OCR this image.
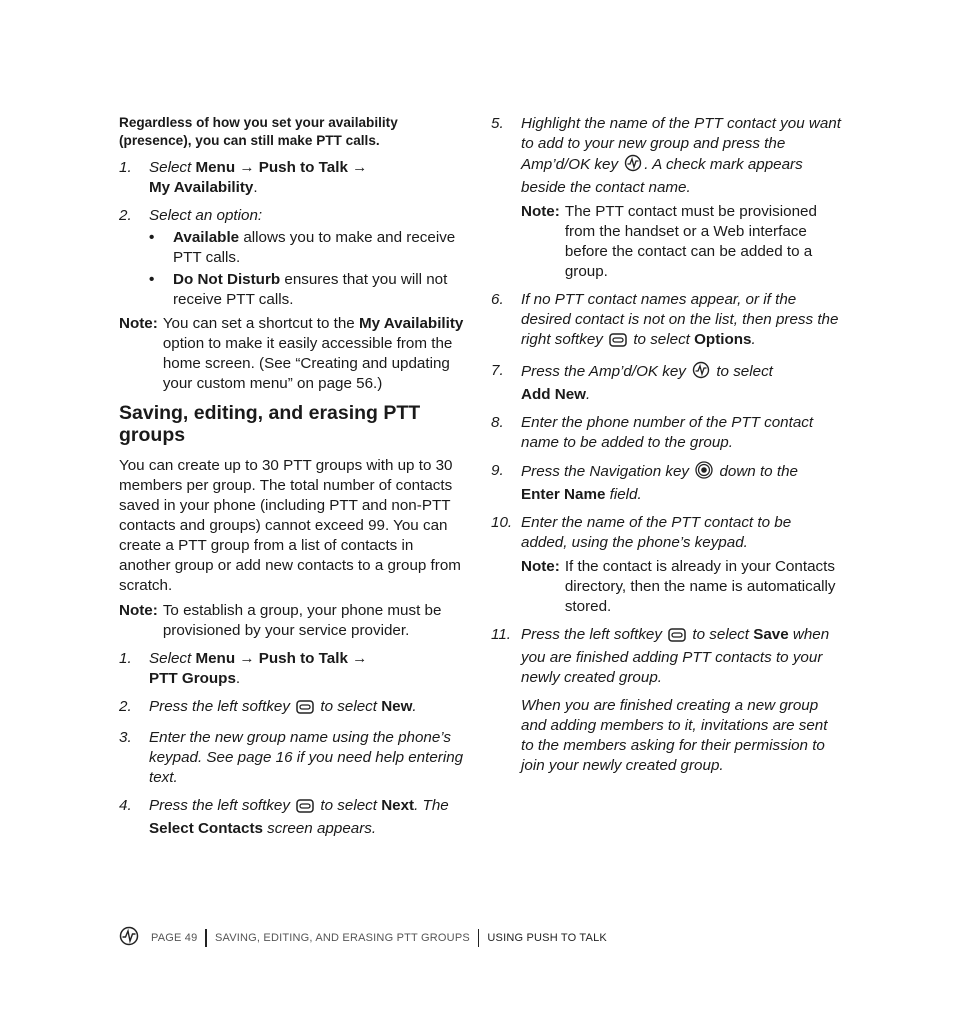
Regardless of how you set your availability (presence), you can still make PTT calls.

1.	Select Menu → Push to Talk →
My Availability.
2.	Select an option:
•	Available allows you to make and receive PTT calls.
•	Do Not Disturb ensures that you will not receive PTT calls.
Note: You can set a shortcut to the My Availability option to make it easily accessible from the home screen. (See “Creating and updating your custom menu” on page 56.)
Saving, editing, and erasing PTT groups

You can create up to 30 PTT groups with up to 30 members per group. The total number of contacts saved in your phone (including PTT and non-PTT contacts and groups) cannot exceed 99. You can create a PTT group from a list of contacts in another group or add new contacts to a group from scratch.

Note: To establish a group, your phone must be provisioned by your service provider.
1.	Select Menu → Push to Talk →
PTT Groups.
2.	Press the left softkey  to select New.
3.	Enter the new group name using the phone’s keypad. See page 16 if you need help entering text.
4.	Press the left softkey  to select Next. The
Select Contacts screen appears.
5.	Highlight the name of the PTT contact you want to add to your new group and press the Amp’d/OK key . A check mark appears beside the contact name.
Note: The PTT contact must be provisioned from the handset or a Web interface before the contact can be added to a group.
6.	If no PTT contact names appear, or if the desired contact is not on the list, then press the right softkey  to select Options.
7.	Press the Amp’d/OK key  to select
Add New.
8.	Enter the phone number of the PTT contact name to be added to the group.
9.	Press the Navigation key  down to the
Enter Name field.
10. Enter the name of the PTT contact to be added, using the phone’s keypad.
Note: If the contact is already in your Contacts directory, then the name is automatically stored.
11. Press the left softkey  to select Save when you are finished adding PTT contacts to your newly created group.

When you are finished creating a new group and adding members to it, invitations are sent to the members asking for their permission to join your newly created group.

PAGE 49 SAVING, EDITING, AND ERASING PTT GROUPS USING PUSH TO TALK
